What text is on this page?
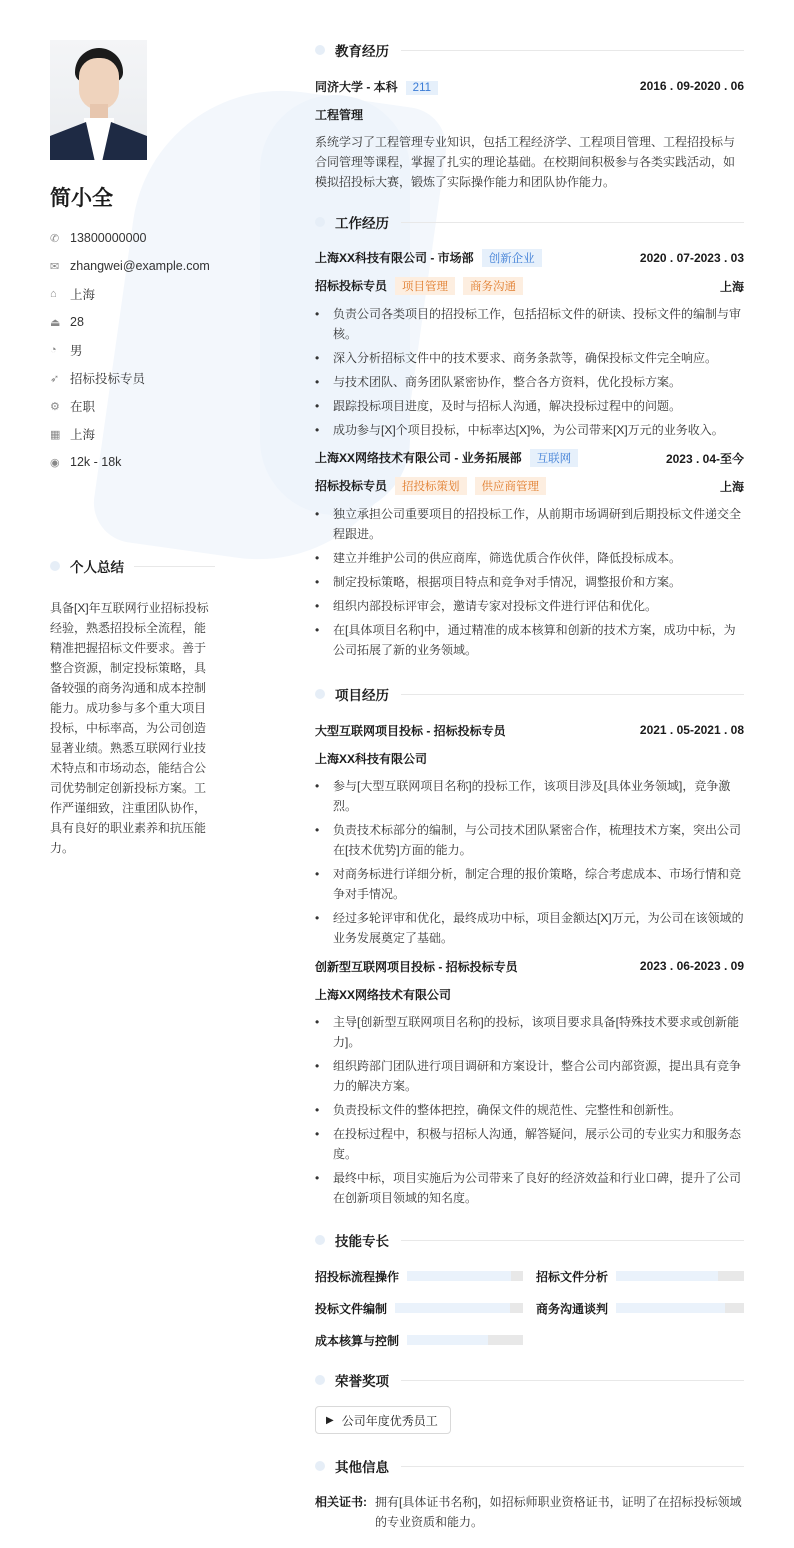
简小全
✆ 13800000000
✉ zhangwei@example.com
⌂	上海
⏏ 28
◔	男
➶ 招标投标专员
⚙ 在职
▦ 上海
◉ 12k - 18k
个人总结
具备[X]年互联网行业招标投标经验，熟悉招投标全流程，能精准把握招标文件要求。善于整合资源，制定投标策略，具备较强的商务沟通和成本控制能力。成功参与多个重大项目投标，中标率高，为公司创造显著业绩。熟悉互联网行业技术特点和市场动态，能结合公司优势制定创新投标方案。工作严谨细致，注重团队协作，具有良好的职业素养和抗压能力。
教育经历
同济大学 - 本科 211	2016 . 09-2020 . 06
工程管理
系统学习了工程管理专业知识，包括工程经济学、工程项目管理、工程招投标与合同管理等课程，掌握了扎实的理论基础。在校期间积极参与各类实践活动，如模拟招投标大赛，锻炼了实际操作能力和团队协作能力。
工作经历
上海XX科技有限公司 - 市场部 创新企业	2020 . 07-2023 . 03
招标投标专员 项目管理 商务沟通	上海
•	负责公司各类项目的招投标工作，包括招标文件的研读、投标文件的编制与审核。
•	深入分析招标文件中的技术要求、商务条款等，确保投标文件完全响应。
•	与技术团队、商务团队紧密协作，整合各方资料，优化投标方案。
•	跟踪投标项目进度，及时与招标人沟通，解决投标过程中的问题。
•	成功参与[X]个项目投标，中标率达[X]%，为公司带来[X]万元的业务收入。
上海XX网络技术有限公司 - 业务拓展部 互联网	2023 . 04-至今
招标投标专员 招投标策划 供应商管理	上海
•	独立承担公司重要项目的招投标工作，从前期市场调研到后期投标文件递交全程跟进。
•	建立并维护公司的供应商库，筛选优质合作伙伴，降低投标成本。
•	制定投标策略，根据项目特点和竞争对手情况，调整报价和方案。
•	组织内部投标评审会，邀请专家对投标文件进行评估和优化。
•	在[具体项目名称]中，通过精准的成本核算和创新的技术方案，成功中标，为公司拓展了新的业务领域。
项目经历
大型互联网项目投标 - 招标投标专员	2021 . 05-2021 . 08
上海XX科技有限公司
•	参与[大型互联网项目名称]的投标工作，该项目涉及[具体业务领域]，竞争激烈。
•	负责技术标部分的编制，与公司技术团队紧密合作，梳理技术方案，突出公司在[技术优势]方面的能力。
•	对商务标进行详细分析，制定合理的报价策略，综合考虑成本、市场行情和竞争对手情况。
•	经过多轮评审和优化，最终成功中标，项目金额达[X]万元，为公司在该领域的业务发展奠定了基础。
创新型互联网项目投标 - 招标投标专员	2023 . 06-2023 . 09
上海XX网络技术有限公司
•	主导[创新型互联网项目名称]的投标，该项目要求具备[特殊技术要求或创新能力]。
•	组织跨部门团队进行项目调研和方案设计，整合公司内部资源，提出具有竞争力的解决方案。
•	负责投标文件的整体把控，确保文件的规范性、完整性和创新性。
•	在投标过程中，积极与招标人沟通，解答疑问，展示公司的专业实力和服务态度。
•	最终中标，项目实施后为公司带来了良好的经济效益和行业口碑，提升了公司在创新项目领域的知名度。
技能专长
招投标流程操作	招标文件分析
投标文件编制	商务沟通谈判
成本核算与控制
荣誉奖项
▶ 公司年度优秀员工
其他信息
相关证书: 拥有[具体证书名称]，如招标师职业资格证书，证明了在招标投标领域的专业资质和能力。
